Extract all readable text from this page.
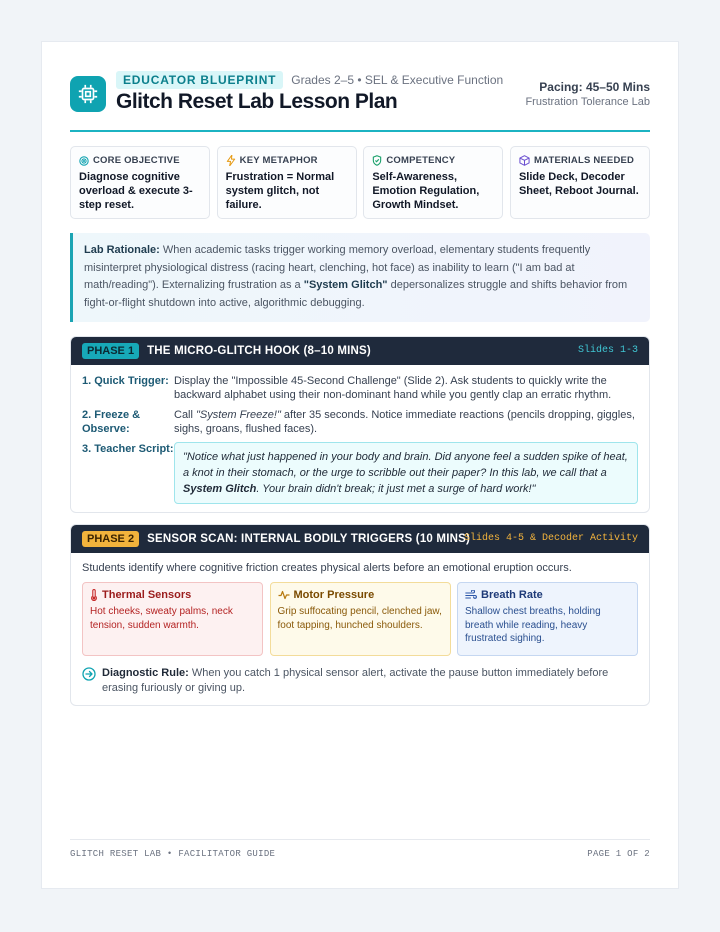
EDUCATOR BLUEPRINT	Grades 2–5 • SEL & Executive Function
Glitch Reset Lab Lesson Plan
Pacing: 45–50 Mins
Frustration Tolerance Lab
CORE OBJECTIVE
Diagnose cognitive overload & execute 3-step reset.
KEY METAPHOR
Frustration = Normal system glitch, not failure.
COMPETENCY
Self-Awareness, Emotion Regulation, Growth Mindset.
MATERIALS NEEDED
Slide Deck, Decoder Sheet, Reboot Journal.
Lab Rationale: When academic tasks trigger working memory overload, elementary students frequently misinterpret physiological distress (racing heart, clenching, hot face) as inability to learn ("I am bad at math/reading"). Externalizing frustration as a "System Glitch" depersonalizes struggle and shifts behavior from fight-or-flight shutdown into active, algorithmic debugging.
PHASE 1	THE MICRO-GLITCH HOOK (8–10 MINS)	Slides 1-3
1. Quick Trigger: Display the "Impossible 45-Second Challenge" (Slide 2). Ask students to quickly write the backward alphabet using their non-dominant hand while you gently clap an erratic rhythm.
2. Freeze & Observe:
Call "System Freeze!" after 35 seconds. Notice immediate reactions (pencils dropping, giggles, sighs, groans, flushed faces).
3. Teacher Script:
"Notice what just happened in your body and brain. Did anyone feel a sudden spike of heat, a knot in their stomach, or the urge to scribble out their paper? In this lab, we call that a System Glitch. Your brain didn't break; it just met a surge of hard work!"
PHASE 2	SENSOR SCAN: INTERNAL BODILY TRIGGERS (10 MINS)
Slides 4-5 & Decoder Activity
Students identify where cognitive friction creates physical alerts before an emotional eruption occurs.
Thermal Sensors
Hot cheeks, sweaty palms, neck tension, sudden warmth.
Motor Pressure
Grip suffocating pencil, clenched jaw, foot tapping, hunched shoulders.
Breath Rate
Shallow chest breaths, holding breath while reading, heavy frustrated sighing.
Diagnostic Rule: When you catch 1 physical sensor alert, activate the pause button immediately before erasing furiously or giving up.
GLITCH RESET LAB • FACILITATOR GUIDE	PAGE 1 OF 2
